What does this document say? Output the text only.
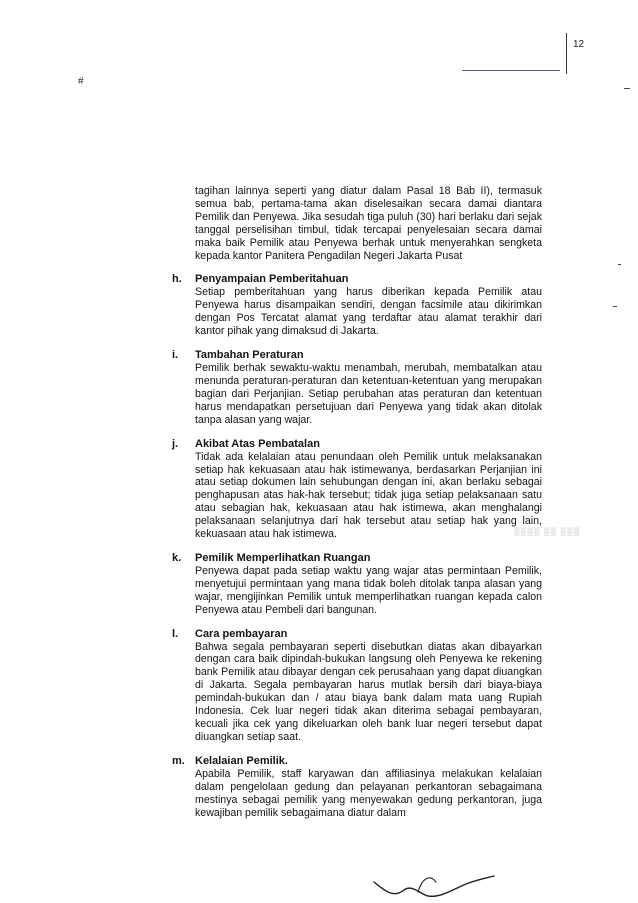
12
#

tagihan lainnya seperti yang diatur dalam Pasal 18 Bab II), termasuk semua bab, pertama-tama akan diselesaikan secara damai diantara Pemilik dan Penyewa. Jika sesudah tiga puluh (30) hari berlaku dari sejak tanggal perselisihan timbul, tidak tercapai penyelesaian secara damai maka baik Pemilik atau Penyewa berhak untuk menyerahkan sengketa kepada kantor Panitera Pengadilan Negeri Jakarta Pusat

h. Penyampaian Pemberitahuan
Setiap pemberitahuan yang harus diberikan kepada Pemilik atau Penyewa harus disampaikan sendiri, dengan facsimile atau dikirimkan dengan Pos Tercatat alamat yang terdaftar atau alamat terakhir dari kantor pihak yang dimaksud di Jakarta.
i. Tambahan Peraturan
Pemilik berhak sewaktu-waktu menambah, merubah, membatalkan atau menunda peraturan-peraturan dan ketentuan-ketentuan yang merupakan bagian dari Perjanjian. Setiap perubahan atas peraturan dan ketentuan harus mendapatkan persetujuan dari Penyewa yang tidak akan ditolak tanpa alasan yang wajar.
j. Akibat Atas Pembatalan
Tidak ada kelalaian atau penundaan oleh Pemilik untuk melaksanakan setiap hak kekuasaan atau hak istimewanya, berdasarkan Perjanjian ini atau setiap dokumen lain sehubungan dengan ini, akan berlaku sebagai penghapusan atas hak-hak tersebut; tidak juga setiap pelaksanaan satu atau sebagian hak, kekuasaan atau hak istimewa, akan menghalangi pelaksanaan selanjutnya dari hak tersebut atau setiap hak yang lain, kekuasaan atau hak istimewa.
k. Pemilik Memperlihatkan Ruangan
Penyewa dapat pada setiap waktu yang wajar atas permintaan Pemilik, menyetujui permintaan yang mana tidak boleh ditolak tanpa alasan yang wajar, mengijinkan Pemilik untuk memperlihatkan ruangan kepada calon Penyewa atau Pembeli dari bangunan.
l. Cara pembayaran
Bahwa segala pembayaran seperti disebutkan diatas akan dibayarkan dengan cara baik dipindah-bukukan langsung oleh Penyewa ke rekening bank Pemilik atau dibayar dengan cek perusahaan yang dapat diuangkan di Jakarta. Segala pembayaran harus mutlak bersih dari biaya-biaya pemindah-bukukan dan / atau biaya bank dalam mata uang Rupiah Indonesia. Cek luar negeri tidak akan diterima sebagai pembayaran, kecuali jika cek yang dikeluarkan oleh bank luar negeri tersebut dapat diuangkan setiap saat.
m. Kelalaian Pemilik.
Apabila Pemilik, staff karyawan dan affiliasinya melakukan kelalaian dalam pengelolaan gedung dan pelayanan perkantoran sebagaimana mestinya sebagai pemilik yang menyewakan gedung perkantoran, juga kewajiban pemilik sebagaimana diatur dalam
▒▒▒▒ ▒▒ ▒▒▒
